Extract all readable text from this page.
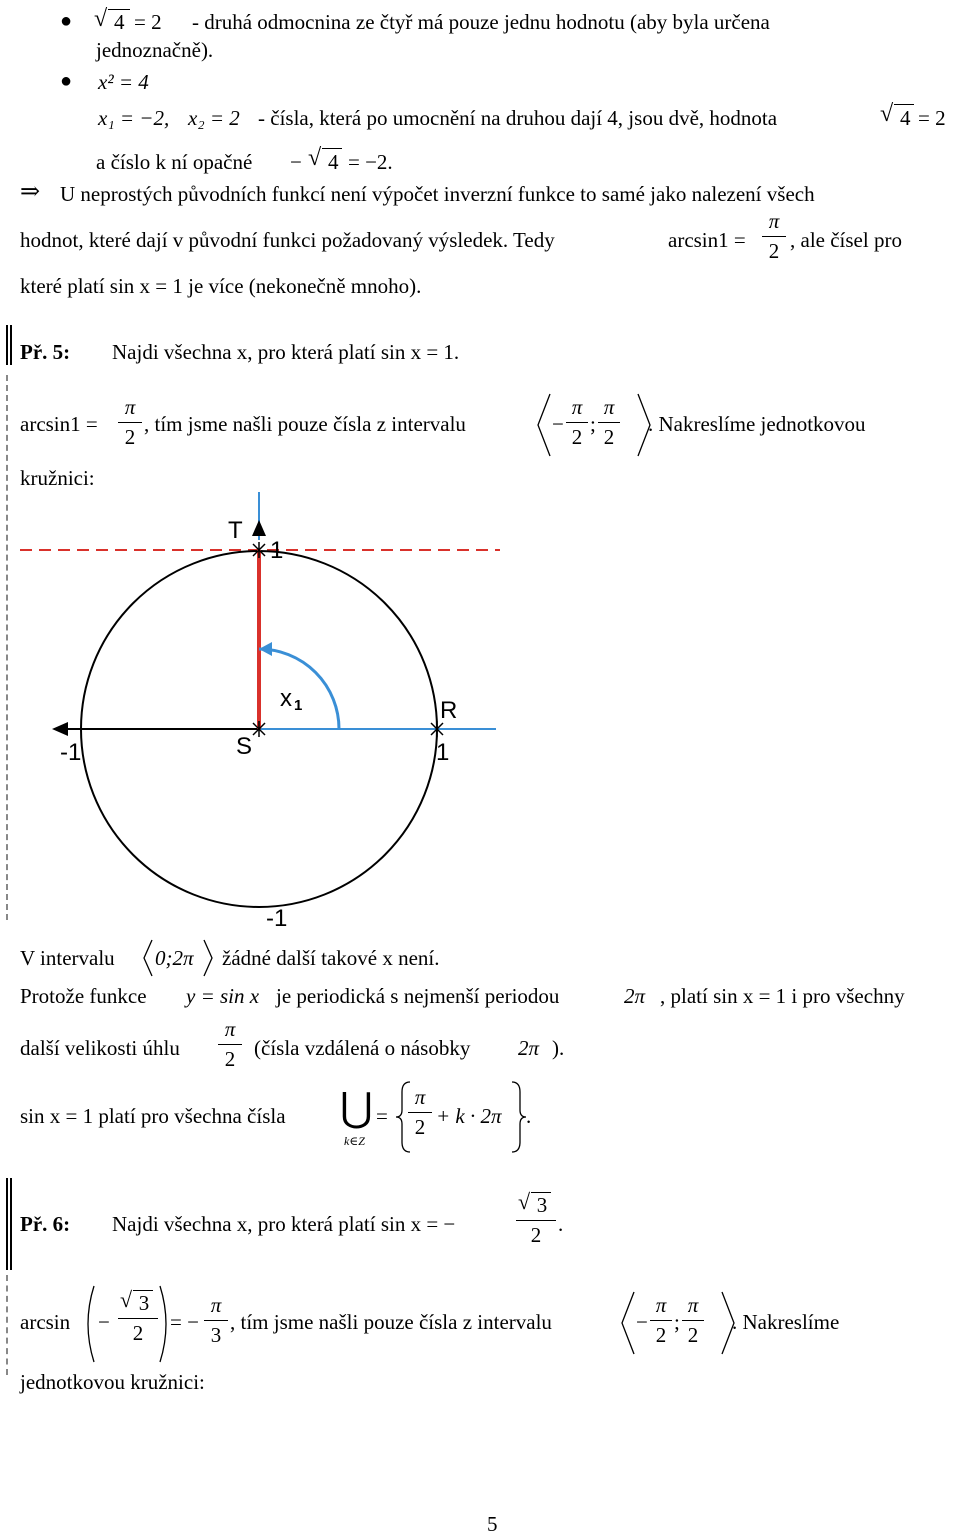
● √ 4 = 2 - druhá odmocnina ze čtyř má pouze jednu hodnotu (aby byla určena
jednoznačně).
● x² = 4
x₁ = −2, x₂ = 2 - čísla, která po umocnění na druhou dají 4, jsou dvě, hodnota	√ 4 = 2
a číslo k ní opačné − √ 4 = −2.
⇒ U neprostých původních funkcí není výpočet inverzní funkce to samé jako nalezení všech
hodnot, které dají v původní funkci požadovaný výsledek. Tedy	arcsin1 =
π
2 , ale čísel pro
které platí sin x = 1 je více (nekonečně mnoho).
Př. 5: Najdi všechna x, pro která platí sin x = 1.
arcsin1 =
π
2
, tím jsme našli pouze čísla z intervalu	−
π
2
;
π
2
. Nakreslíme jednotkovou
kružnici:
T
1
x 1	R
-1	S	1
-1
V intervalu 0;2π žádné další takové x není.
Protože funkce y = sin x je periodická s nejmenší periodou	2π , platí sin x = 1 i pro všechny
další velikosti úhlu
π
2 (čísla vzdálená o násobky 2π ).
sin x = 1 platí pro všechna čísla ⋃
k∈Z
=
π
2 + k · 2π .
Př. 6: Najdi všechna x, pro která platí sin x = −
√ 3
2 .
arcsin −
√ 3
2	= −
π
3
, tím jsme našli pouze čísla z intervalu	−
π
2
;
π
2
. Nakreslíme
jednotkovou kružnici:
5
